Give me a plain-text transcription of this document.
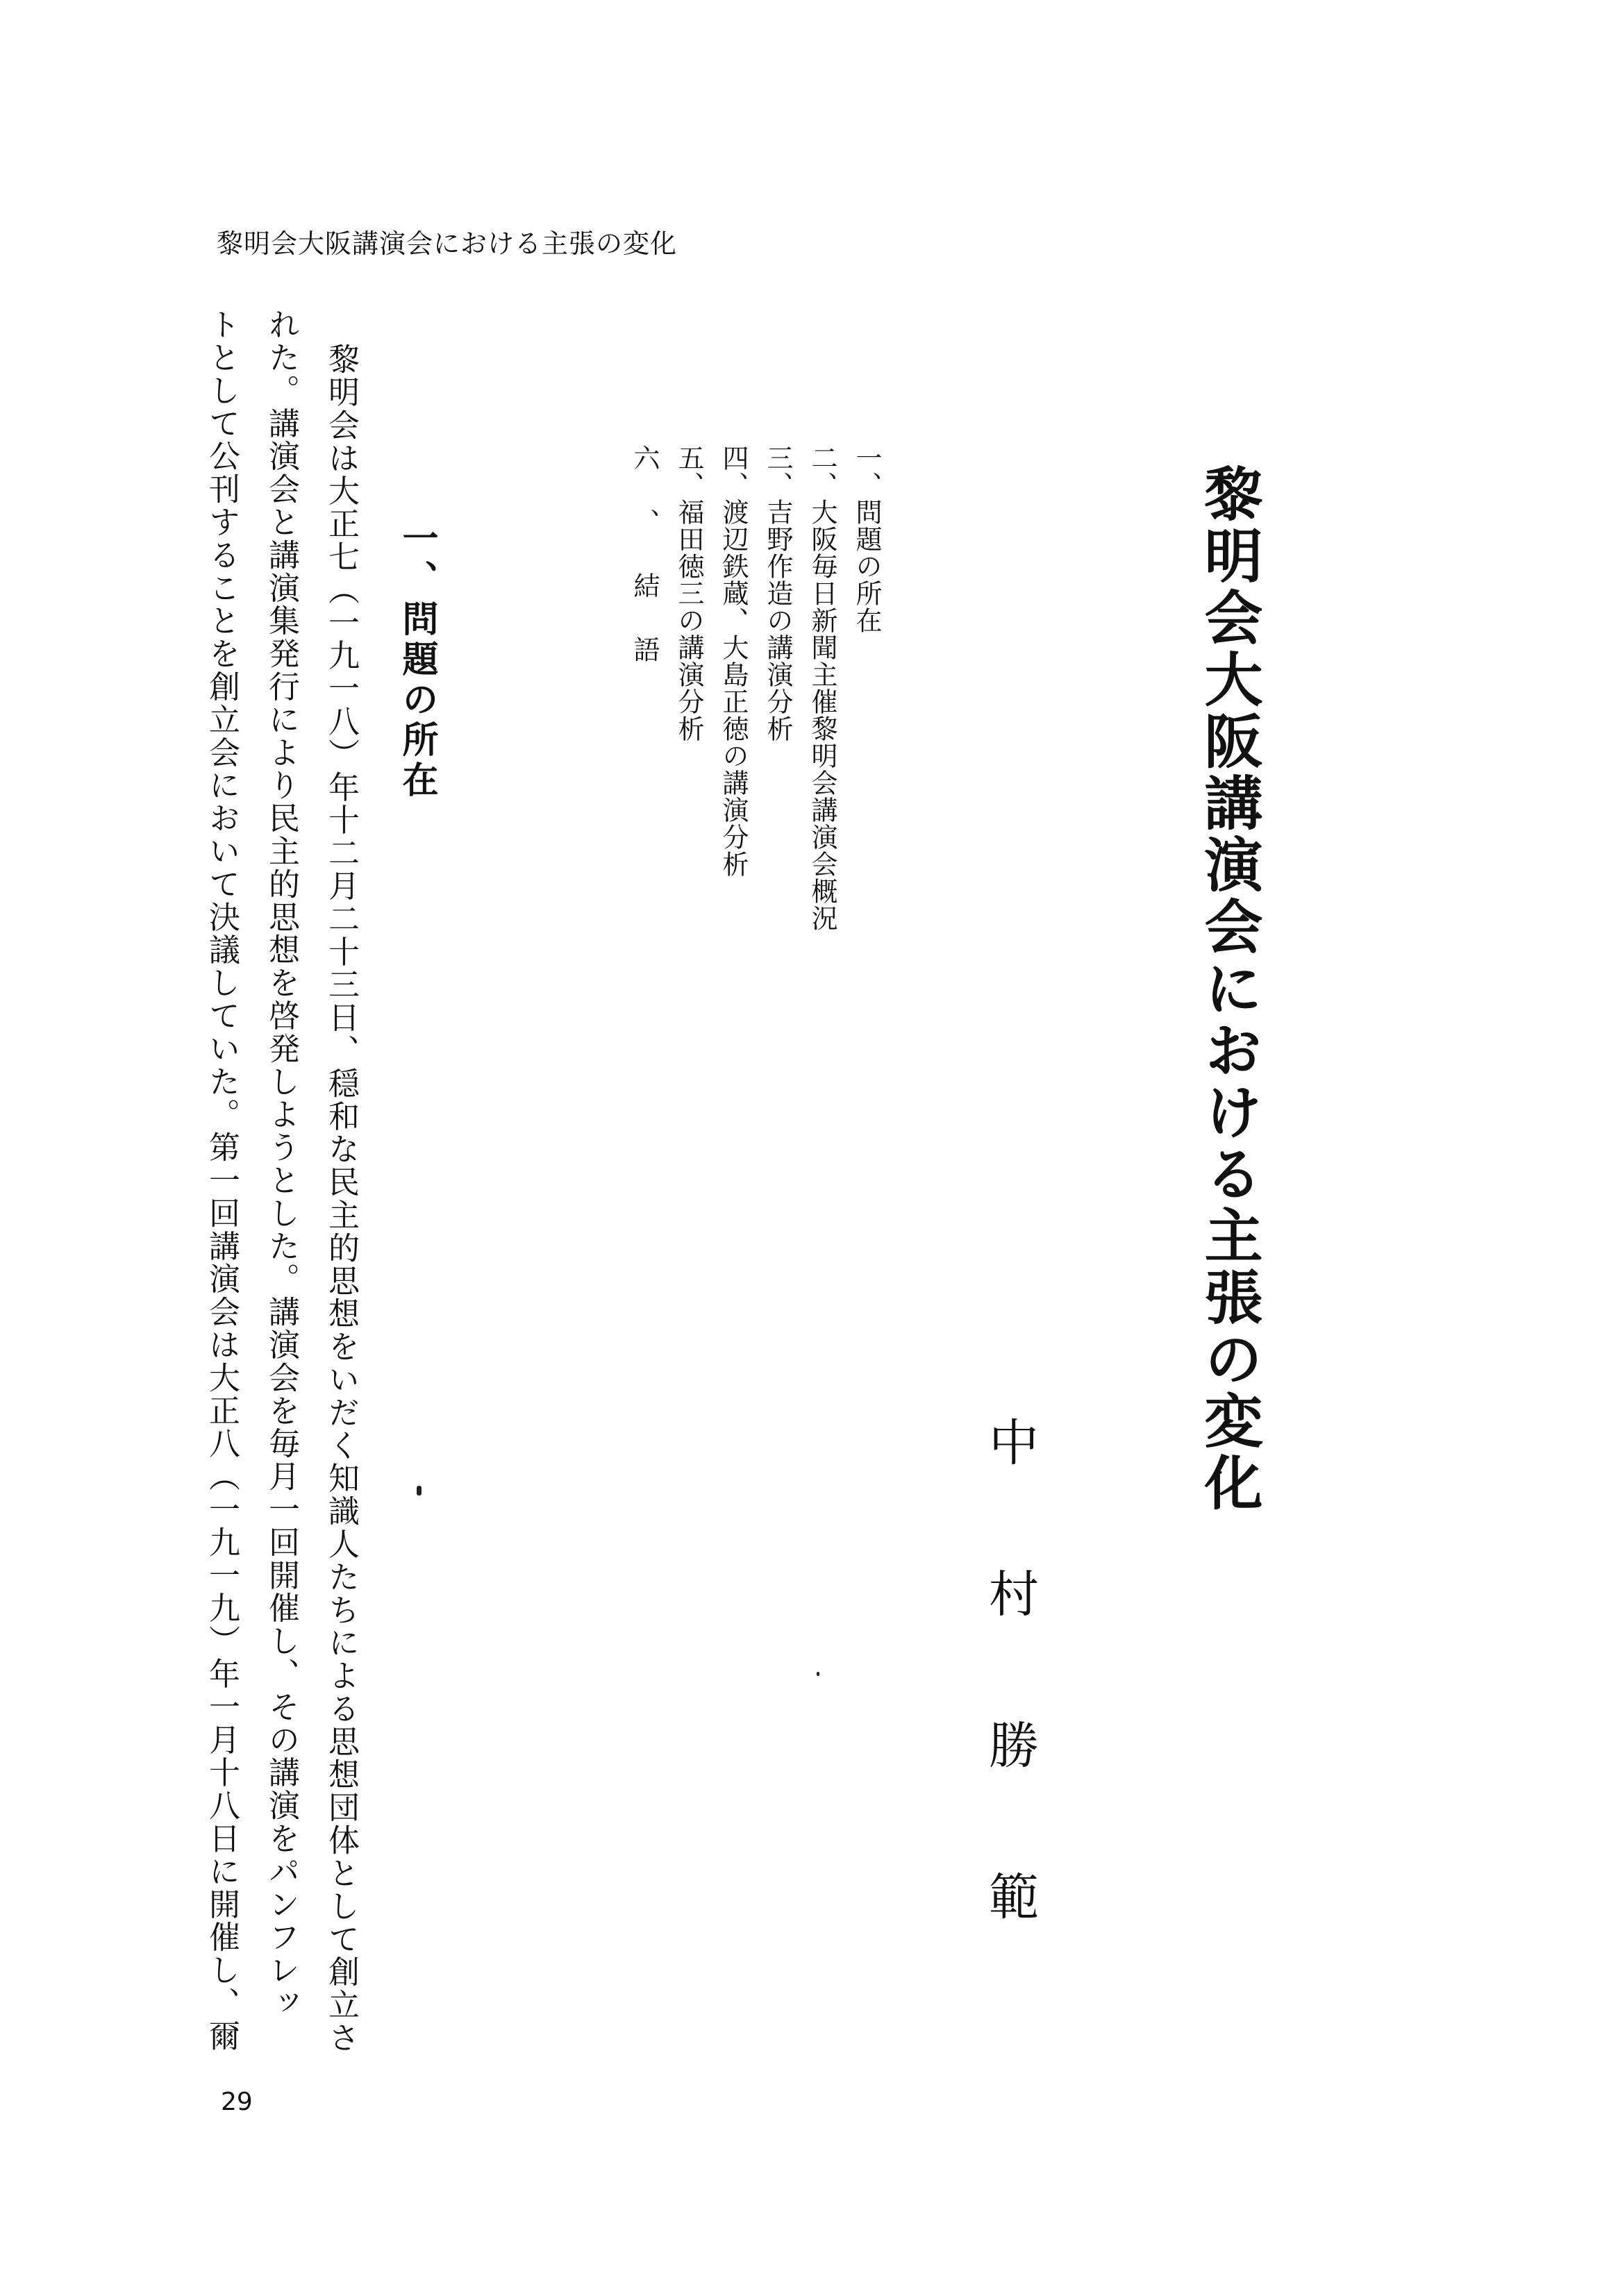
黎明会大阪講演会における主張の変化
黎明会大阪講演会における主張の変化
中村勝範
一、問題の所在
二、大阪毎日新聞主催黎明会講演会概況
三、吉野作造の講演分析
四、渡辺鉄蔵、大島正徳の講演分析
五、福田徳三の講演分析
六、結語
一、問題の所在
黎明会は大正七（一九一八）年十二月二十三日、穏和な民主的思想をいだく知識人たちによる思想団体として創立さ
れた。講演会と講演集発行により民主的思想を啓発しようとした。講演会を毎月一回開催し、その講演をパンフレッ
トとして公刊することを創立会において決議していた。第一回講演会は大正八（一九一九）年一月十八日に開催し、爾
29
